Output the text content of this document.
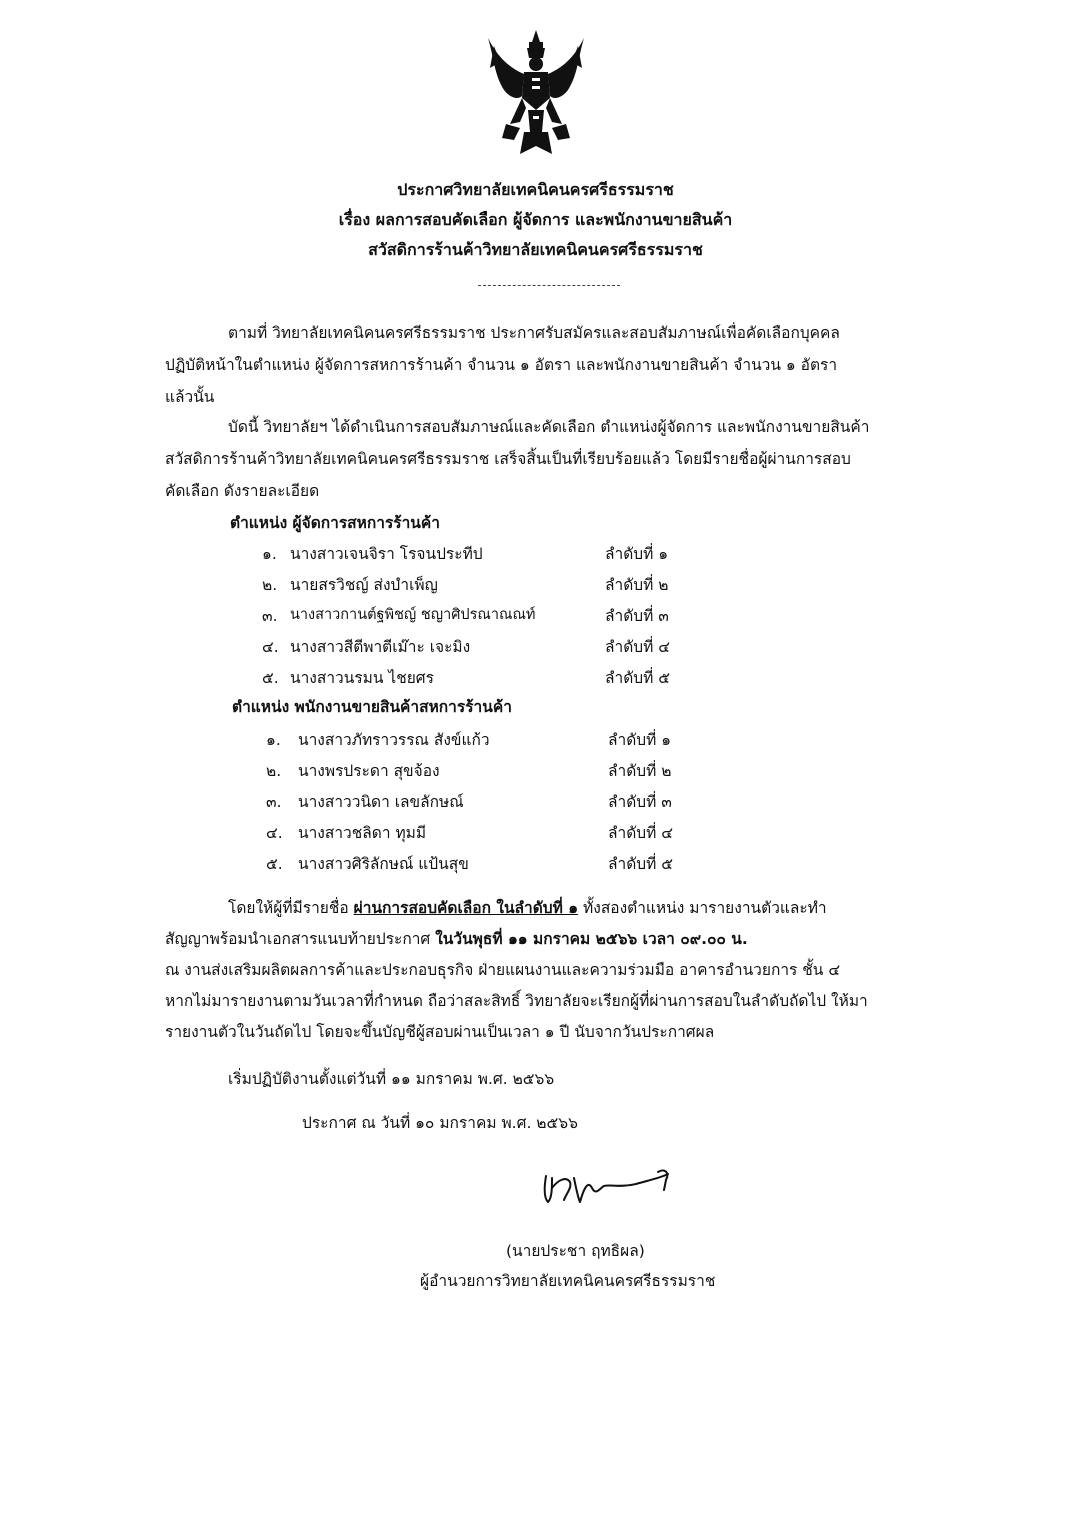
ประกาศวิทยาลัยเทคนิคนครศรีธรรมราช
เรื่อง ผลการสอบคัดเลือก ผู้จัดการ และพนักงานขายสินค้า
สวัสดิการร้านค้าวิทยาลัยเทคนิคนครศรีธรรมราช
ตามที่ วิทยาลัยเทคนิคนครศรีธรรมราช ประกาศรับสมัครและสอบสัมภาษณ์เพื่อคัดเลือกบุคคล
ปฏิบัติหน้าในตำแหน่ง ผู้จัดการสหการร้านค้า จำนวน ๑ อัตรา และพนักงานขายสินค้า จำนวน ๑ อัตรา
แล้วนั้น
บัดนี้ วิทยาลัยฯ ได้ดำเนินการสอบสัมภาษณ์และคัดเลือก ตำแหน่งผู้จัดการ และพนักงานขายสินค้า
สวัสดิการร้านค้าวิทยาลัยเทคนิคนครศรีธรรมราช เสร็จสิ้นเป็นที่เรียบร้อยแล้ว โดยมีรายชื่อผู้ผ่านการสอบ
คัดเลือก ดังรายละเอียด
ตำแหน่ง ผู้จัดการสหการร้านค้า
๑. นางสาวเจนจิรา โรจนประทีป	ลำดับที่ ๑
๒. นายสรวิชญ์ ส่งบำเพ็ญ	ลำดับที่ ๒
๓. นางสาวกานต์ฐพิชญ์ ชญาศิปรณาณณท์	ลำดับที่ ๓
๔. นางสาวสีตีพาตีเม๊าะ เจะมิง	ลำดับที่ ๔
๕. นางสาวนรมน ไชยศร	ลำดับที่ ๕
ตำแหน่ง พนักงานขายสินค้าสหการร้านค้า
๑. นางสาวภัทราวรรณ สังข์แก้ว	ลำดับที่ ๑
๒. นางพรประดา สุขจ้อง	ลำดับที่ ๒
๓. นางสาววนิดา เลขลักษณ์	ลำดับที่ ๓
๔. นางสาวชลิดา ทุมมี	ลำดับที่ ๔
๕. นางสาวศิริลักษณ์ แป้นสุข	ลำดับที่ ๕
โดยให้ผู้ที่มีรายชื่อ ผ่านการสอบคัดเลือก ในลำดับที่ ๑ ทั้งสองตำแหน่ง มารายงานตัวและทำ
สัญญาพร้อมนำเอกสารแนบท้ายประกาศ ในวันพุธที่ ๑๑ มกราคม ๒๕๖๖ เวลา ๐๙.๐๐ น.
ณ งานส่งเสริมผลิตผลการค้าและประกอบธุรกิจ ฝ่ายแผนงานและความร่วมมือ อาคารอำนวยการ ชั้น ๔
หากไม่มารายงานตามวันเวลาที่กำหนด ถือว่าสละสิทธิ์ วิทยาลัยจะเรียกผู้ที่ผ่านการสอบในลำดับถัดไป ให้มา
รายงานตัวในวันถัดไป โดยจะขึ้นบัญชีผู้สอบผ่านเป็นเวลา ๑ ปี นับจากวันประกาศผล
เริ่มปฏิบัติงานตั้งแต่วันที่ ๑๑ มกราคม พ.ศ. ๒๕๖๖
ประกาศ ณ วันที่ ๑๐ มกราคม พ.ศ. ๒๕๖๖
(นายประชา ฤทธิผล)
ผู้อำนวยการวิทยาลัยเทคนิคนครศรีธรรมราช
